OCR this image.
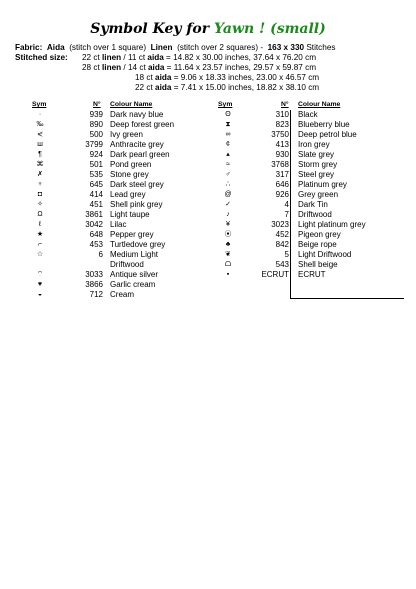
Symbol Key for Yawn ! (small)
Fabric: Aida (stitch over 1 square) Linen (stitch over 2 squares) - 163 x 330 Stitches
Stitched size: 22 ct linen / 11 ct aida = 14.82 x 30.00 inches, 37.64 x 76.20 cm
28 ct linen / 14 ct aida = 11.64 x 23.57 inches, 29.57 x 59.87 cm
18 ct aida = 9.06 x 18.33 inches, 23.00 x 46.57 cm
22 ct aida = 7.41 x 15.00 inches, 18.82 x 38.10 cm
Sym	N° Colour Name	Sym	N° Colour Name
·	939 Dark navy blue
‰	890 Deep forest green
⋞	500 Ivy green
ш	3799 Anthracite grey
¶	924 Dark pearl green
⌘	501 Pond green
✗	535 Stone grey
♆	645 Dark steel grey
◘	414 Lead grey
✧	451 Shell pink grey
Ω	3861 Light taupe
ℓ	3042 Lilac
★	648 Pepper grey
⌐	453 Turtledove grey
☆	6 Medium Light
Driftwood
⌔	3033 Antique silver
♥	3866 Garlic cream
◒	712 Cream
ʘ	310 Black
⧗	823 Blueberry blue
∞	3750 Deep petrol blue
¢	413 Iron grey
▴	930 Slate grey
≈	3768 Storm grey
♂	317 Steel grey
∴	646 Platinum grey
@	926 Grey green
✓	4 Dark Tin
♪	7 Driftwood
¥	3023 Light platinum grey
⦿	452 Pigeon grey
♣	842 Beige rope
❦	5 Light Driftwood
ᗝ	543 Shell beige
▪	ECRUT ECRUT
